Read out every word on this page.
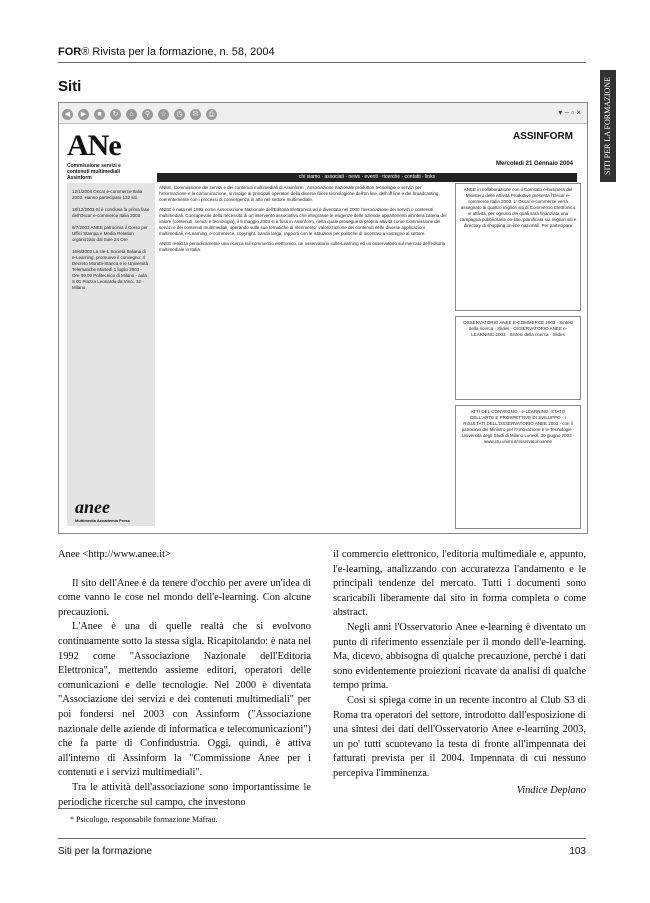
FOR® Rivista per la formazione, n. 58, 2004
Siti	SITI PER LA FORMAZIONE
◀ ▶ ■ ↻ ⌂ ⚲ ☆ ◷ ✉ ⎙	▾ – ▫ ×
ANe
Commissione servizi e contenuti multimediali Assinform
ASSINFORM
Mercoledì 21 Gennaio 2004
chi siamo · associati · news · eventi · ricerche · contatti · links

12/1/2004 Oscar e-commerce Italia 2003. Hanno partecipato 132 siti.

18/12/2003 Si è conclusa la prima fase dell'Oscar e-commerce Italia 2003

9/7/2003 ANEE patrocinia il Corso per Uffici Stampa e Media Relation organizzato dal Sole 24 Ore

16/6/2003 La sie-L Società Italiana di e-Learning, promuove il convegno: Il Decreto Moratti-Stanca e le Università Telematiche Martedì 1 luglio 2003 - Ore 09.00 Politecnico di Milano - aula S.01 Piazza Leonardo da Vinci, 32 - Milano

anee
Multimedia Accademia Press

ANEE, Commissione dei servizi e dei contenuti multimediali di Assinform , Associazione nazionale produttori tecnologie e servizi per l'informazione e la comunicazione, si rivolge ai principali operatori della diverse filiere tecnologiche dell'on line, dell'off line e del broadcasting, coerentemente con i processi di convergenza in atto nel settore multimediale.

ANEE è nata nel 1992 come Associazione Nazionale dell'Editoria Elettronica ed è diventata nel 2000 l'associazione dei servizi e contenuti multimediali. Consapevole della necessità di un intervento associativo che integrasse le esigenze delle aziende appartenenti all'intera catena del valore (contenuti, servizi e tecnologia), il 5 maggio 2003 si è fusa in Assinform, nella quale prosegue la propria attività come Commissione dei servizi e dei contenuti multimediali, operando sulle sue tematiche di riferimento: valorizzazione dei contenuti nelle diverse applicazioni multimediali, e-Learning, e-commerce, copyright, banda larga, rapporti con le istituzioni per politiche di incentivo a sostegno al settore.

ANEE realizza periodicamente una ricerca sul commercio elettronico, un osservatorio sulle-Learning ed un osservatorio sul mercato dell'editoria multimediale in Italia.

ANEE in collaborazione con il Comitato e-business del Ministero delle Attività Produttive presenta l'Oscar e-commerce Italia 2003. L' Oscar e-commerce verrà assegnato ai quattro migliori siti di Commercio Elettronico in attività, per ognuno dei quali sarà finanziata una campagna pubblicitaria on-line, pianificata sui migliori siti e directory di shopping on-line nazionali. Per partecipare
OSSERVATORIO ANEE E-COMMERCE 2003 · Sintesi della ricerca · Slides · OSSERVATORIO ANEE e-LEARNING 2003 · Sintesi della ricerca · Slides
ATTI DEL CONVEGNO · e-LEARNING: STATO DELL'ARTE E PROSPETTIVE DI SVILUPPO · I RISULTATI DELL'OSSERVATORIO ANEE 2003 · con il patrocinio del Ministro per l'Innovazione e le Tecnologie · Università degli Studi di Milano Lunedì, 30 giugno 2003 · www.ctu.unimi.it/osservatorioanee

Anee <http://www.anee.it>

Il sito dell'Anee è da tenere d'occhio per avere un'idea di come vanno le cose nel mondo dell'e-learning. Con alcune precauzioni.

L'Anee è una di quelle realtà che si evolvono continuamente sotto la stessa sigla. Ricapitolando: è nata nel 1992 come "Associazione Nazionale dell'Editoria Elettronica", mettendo assieme editori, operatori delle comunicazioni e delle tecnologie. Nel 2000 è diventata "Associazione dei servizi e dei contenuti multimediali" per poi fondersi nel 2003 con Assinform ("Associazione nazionale delle aziende di informatica e telecomunicazioni") che fa parte di Confindustria. Oggi, quindi, è attiva all'interno di Assinform la "Commissione Anee per i contenuti e i servizi multimediali".

Tra le attività dell'associazione sono importantissime le periodiche ricerche sul campo, che investono

il commercio elettronico, l'editoria multimediale e, appunto, l'e-learning, analizzando con accuratezza l'andamento e le principali tendenze del mercato. Tutti i documenti sono scaricabili liberamente dal sito in forma completa o come abstract.

Negli anni l'Osservatorio Anee e-learning è diventato un punto di riferimento essenziale per il mondo dell'e-learning. Ma, dicevo, abbisogna di qualche precauzione, perché i dati sono evidentemente proiezioni ricavate da analisi di qualche tempo prima.

Così si spiega come in un recente incontro al Club S3 di Roma tra operatori del settore, introdotto dall'esposizione di una sintesi dei dati dell'Osservatorio Anee e-learning 2003, un po' tutti scuotevano la testa di fronte all'impennata dei fatturati prevista per il 2004. Impennata di cui nessuno percepiva l'imminenza.

Vindice Deplano
* Psicologo, responsabile formazione Mafrau.
Siti per la formazione	103
